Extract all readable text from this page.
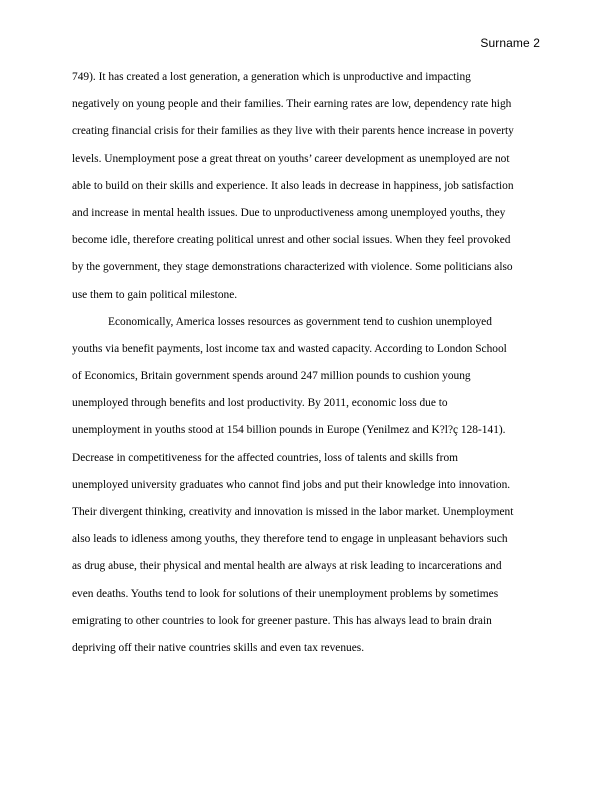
Surname 2
749). It has created a lost generation, a generation which is unproductive and impacting
negatively on young people and their families. Their earning rates are low, dependency rate high
creating financial crisis for their families as they live with their parents hence increase in poverty
levels. Unemployment pose a great threat on youths’ career development as unemployed are not
able to build on their skills and experience. It also leads in decrease in happiness, job satisfaction
and increase in mental health issues. Due to unproductiveness among unemployed youths, they
become idle, therefore creating political unrest and other social issues. When they feel provoked
by the government, they stage demonstrations characterized with violence. Some politicians also
use them to gain political milestone.
Economically, America losses resources as government tend to cushion unemployed
youths via benefit payments, lost income tax and wasted capacity. According to London School
of Economics, Britain government spends around 247 million pounds to cushion young
unemployed through benefits and lost productivity. By 2011, economic loss due to
unemployment in youths stood at 154 billion pounds in Europe (Yenilmez and K?l?ç 128-141).
Decrease in competitiveness for the affected countries, loss of talents and skills from
unemployed university graduates who cannot find jobs and put their knowledge into innovation.
Their divergent thinking, creativity and innovation is missed in the labor market. Unemployment
also leads to idleness among youths, they therefore tend to engage in unpleasant behaviors such
as drug abuse, their physical and mental health are always at risk leading to incarcerations and
even deaths. Youths tend to look for solutions of their unemployment problems by sometimes
emigrating to other countries to look for greener pasture. This has always lead to brain drain
depriving off their native countries skills and even tax revenues.
